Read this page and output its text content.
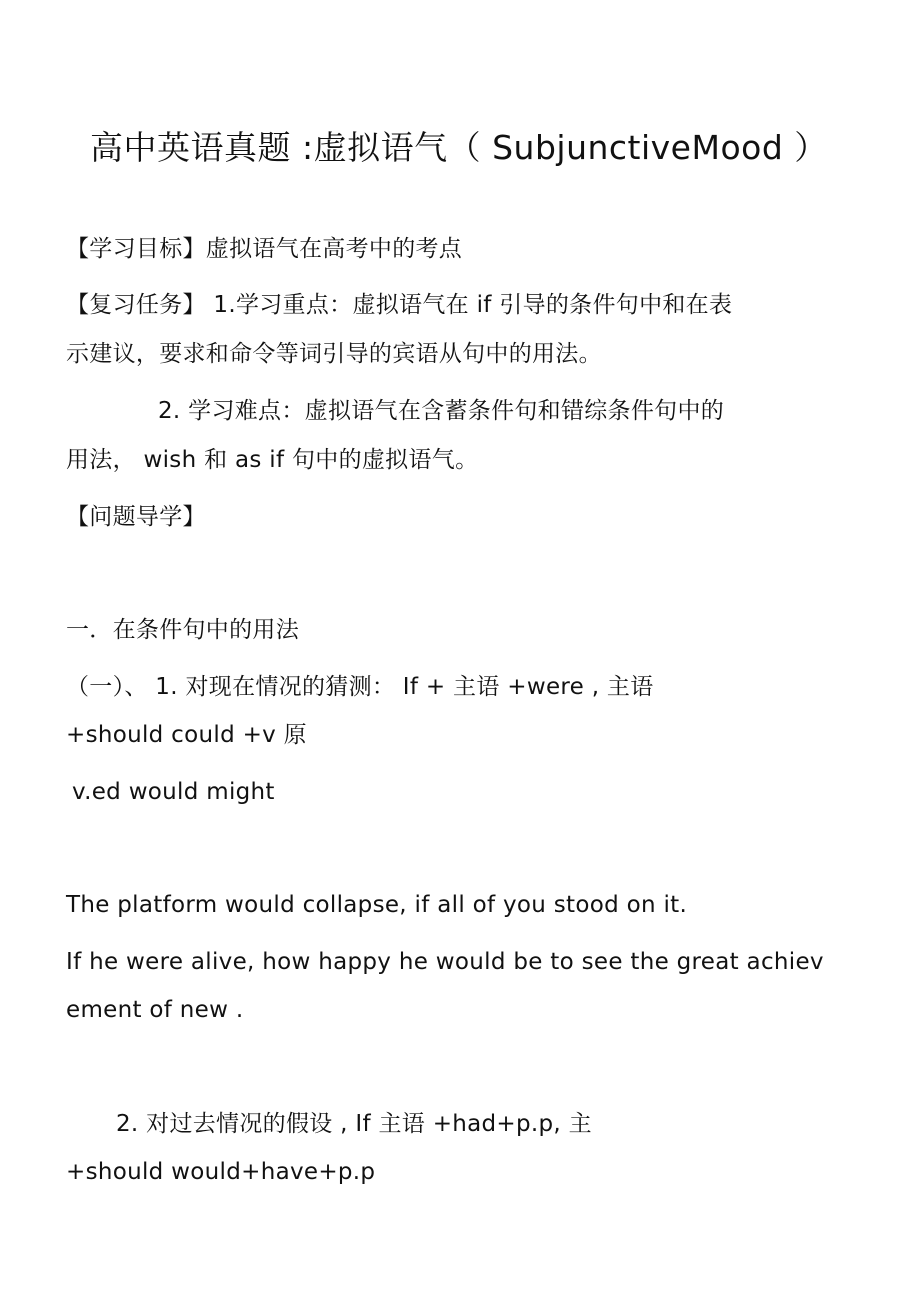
高中英语真题 :虚拟语气（ SubjunctiveMood ）
【学习目标】虚拟语气在高考中的考点
【复习任务】 1.学习重点：虚拟语气在 if 引导的条件句中和在表
示建议，要求和命令等词引导的宾语从句中的用法。
2. 学习难点：虚拟语气在含蓄条件句和错综条件句中的
用法， wish 和 as if 句中的虚拟语气。
【问题导学】
一．在条件句中的用法
（一）、 1. 对现在情况的猜测： If + 主语 +were , 主语
+should could +v 原
v.ed would might
The platform would collapse, if all of you stood on it.
If he were alive, how happy he would be to see the great achiev
ement of new .
2. 对过去情况的假设 , If 主语 +had+p.p, 主
+should would+have+p.p
